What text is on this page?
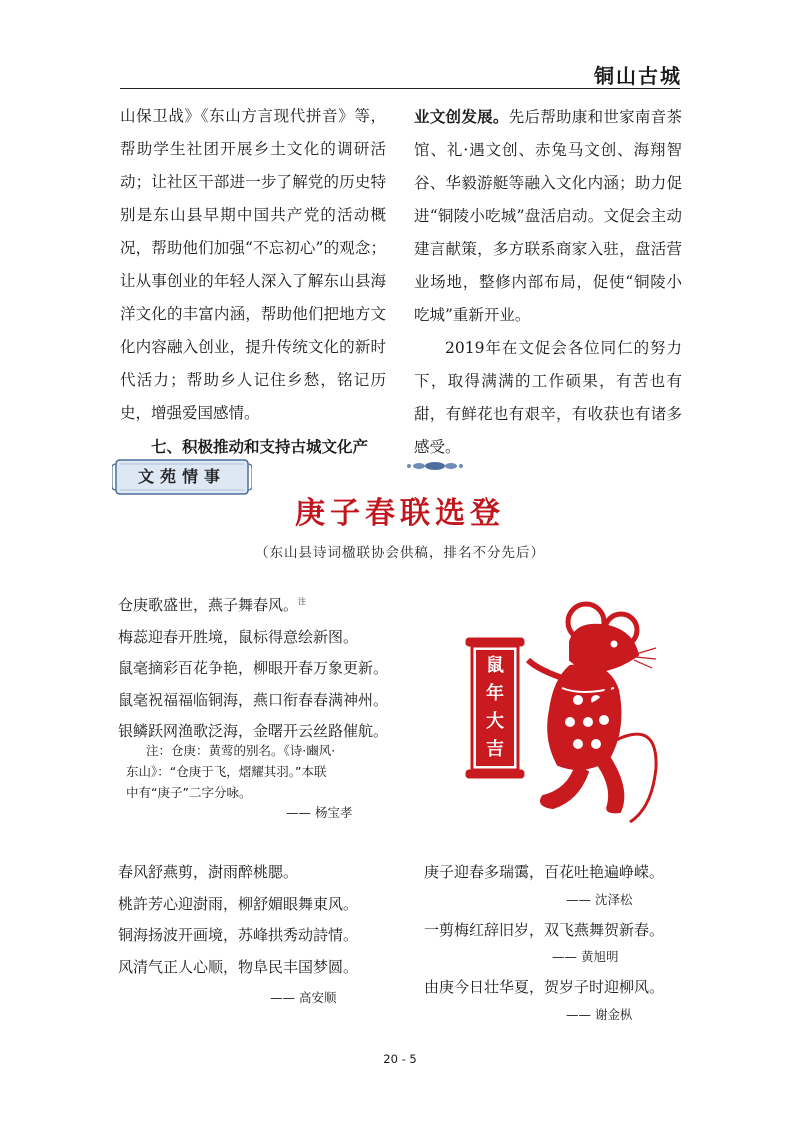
铜山古城

山保卫战》《东山方言现代拼音》等，帮助学生社团开展乡土文化的调研活动；让社区干部进一步了解党的历史特别是东山县早期中国共产党的活动概况，帮助他们加强“不忘初心”的观念；让从事创业的年轻人深入了解东山县海洋文化的丰富内涵，帮助他们把地方文化内容融入创业，提升传统文化的新时代活力；帮助乡人记住乡愁，铭记历史，增强爱国感情。

七、积极推动和支持古城文化产

业文创发展。先后帮助康和世家南音茶馆、礼·遇文创、赤兔马文创、海翔智谷、华毅游艇等融入文化内涵；助力促进“铜陵小吃城”盘活启动。文促会主动建言献策，多方联系商家入驻，盘活营业场地，整修内部布局，促使“铜陵小吃城”重新开业。

2019年在文促会各位同仁的努力下，取得满满的工作硕果，有苦也有甜，有鲜花也有艰辛，有收获也有诸多感受。

文苑情事
庚子春联选登
（东山县诗词楹联协会供稿，排名不分先后）
仓庚歌盛世，燕子舞春风。$^注$
梅蕊迎春开胜境，鼠标得意绘新图。
鼠毫摘彩百花争艳，柳眼开春万象更新。
鼠毫祝福福临铜海，燕口衔春春满神州。
银鳞跃网渔歌泛海，金曙开云丝路催航。
注：仓庚：黄莺的别名。《诗·豳风·
东山》：“仓庚于飞，熠耀其羽。”本联
中有“庚子”二字分咏。
—— 杨宝孝
春风舒燕剪，澍雨醉桃腮。
桃許芳心迎澍雨，柳舒媚眼舞東风。
铜海扬波开画境，苏峰拱秀动詩情。
风清气正人心顺，物阜民丰国梦圆。
—— 高安顺
庚子迎春多瑞霭，百花吐艳遍峥嵘。
—— 沈泽松
一剪梅红辞旧岁，双飞燕舞贺新春。
—— 黄旭明
由庚今日壮华夏，贺岁子时迎柳风。
—— 谢金枞
鼠
年
大
吉
20 - 5
